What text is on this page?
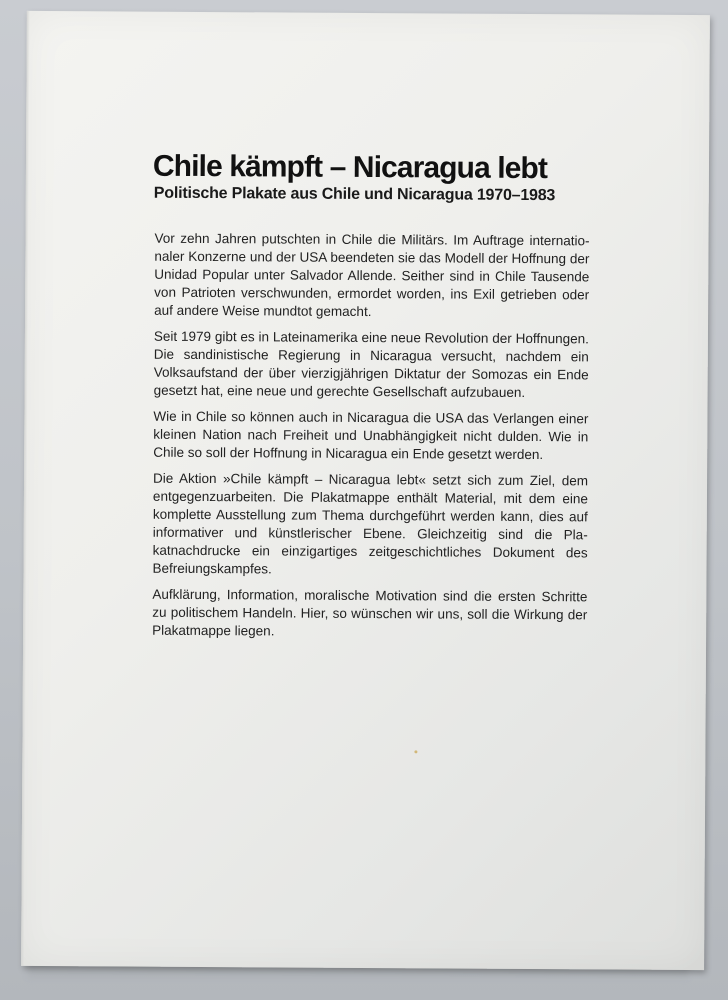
Chile kämpft – Nicaragua lebt
Politische Plakate aus Chile und Nicaragua 1970–1983

Vor zehn Jahren putschten in Chile die Militärs. Im Auftrage internationaler Konzerne und der USA beendeten sie das Modell der Hoffnung der Unidad Popular unter Salvador Allende. Seither sind in Chile Tausende von Patrioten verschwunden, ermordet worden, ins Exil getrieben oder auf andere Weise mundtot gemacht.

Seit 1979 gibt es in Lateinamerika eine neue Revolution der Hoffnungen. Die sandinistische Regierung in Nicaragua versucht, nachdem ein Volksaufstand der über vierzigjährigen Diktatur der Somozas ein Ende gesetzt hat, eine neue und gerechte Gesellschaft aufzubauen.

Wie in Chile so können auch in Nicaragua die USA das Verlangen einer kleinen Nation nach Freiheit und Unabhängigkeit nicht dulden. Wie in Chile so soll der Hoffnung in Nicaragua ein Ende gesetzt werden.

Die Aktion »Chile kämpft – Nicaragua lebt« setzt sich zum Ziel, dem entgegenzuarbeiten. Die Plakatmappe enthält Material, mit dem eine komplette Ausstellung zum Thema durchgeführt werden kann, dies auf informativer und künstlerischer Ebene. Gleichzeitig sind die Plakatnachdrucke ein einzigartiges zeitgeschichtliches Dokument des Befreiungskampfes.

Aufklärung, Information, moralische Motivation sind die ersten Schritte zu politischem Handeln. Hier, so wünschen wir uns, soll die Wirkung der Plakatmappe liegen.
